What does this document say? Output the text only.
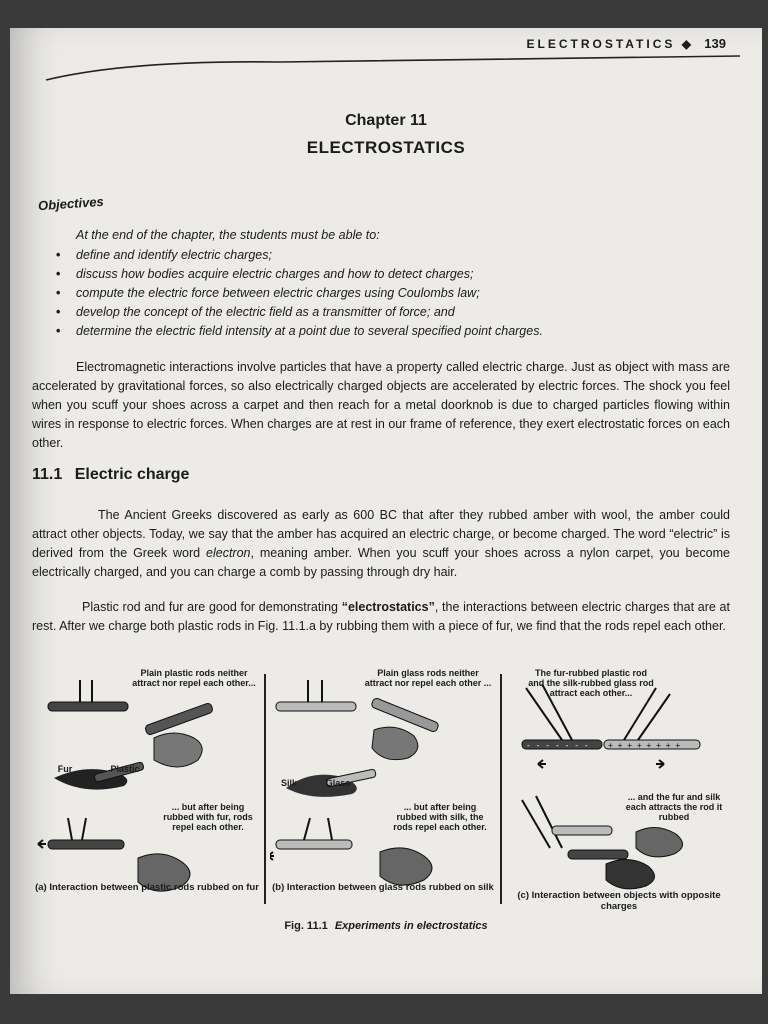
ELECTROSTATICS ◆ 139
Chapter 11
ELECTROSTATICS
Objectives
At the end of the chapter, the students must be able to:
• define and identify electric charges;
• discuss how bodies acquire electric charges and how to detect charges;
• compute the electric force between electric charges using Coulombs law;
• develop the concept of the electric field as a transmitter of force; and
• determine the electric field intensity at a point due to several specified point charges.

Electromagnetic interactions involve particles that have a property called electric charge. Just as object with mass are accelerated by gravitational forces, so also electrically charged objects are accelerated by electric forces. The shock you feel when you scuff your shoes across a carpet and then reach for a metal doorknob is due to charged particles flowing within wires in response to electric forces. When charges are at rest in our frame of reference, they exert electrostatic forces on each other.

11.1 Electric charge

The Ancient Greeks discovered as early as 600 BC that after they rubbed amber with wool, the amber could attract other objects. Today, we say that the amber has acquired an electric charge, or become charged. The word “electric” is derived from the Greek word electron, meaning amber. When you scuff your shoes across a nylon carpet, you become electrically charged, and you can charge a comb by passing through dry hair.

Plastic rod and fur are good for demonstrating “electrostatics”, the interactions between electric charges that are at rest. After we charge both plastic rods in Fig. 11.1.a by rubbing them with a piece of fur, we find that the rods repel each other.

Plain plastic rods neither attract nor repel each other...
Fur	Plastic
... but after being rubbed with fur, rods repel each other.
(a) Interaction between plastic rods rubbed on fur
Plain glass rods neither attract nor repel each other ...
Silk	Glass
... but after being rubbed with silk, the rods repel each other.
(b) Interaction between glass rods rubbed on silk
- - - - - - - + + + + + + + +
The fur-rubbed plastic rod and the silk-rubbed glass rod attract each other...
... and the fur and silk each attracts the rod it rubbed
(c) Interaction between objects with opposite charges
Fig. 11.1 Experiments in electrostatics
